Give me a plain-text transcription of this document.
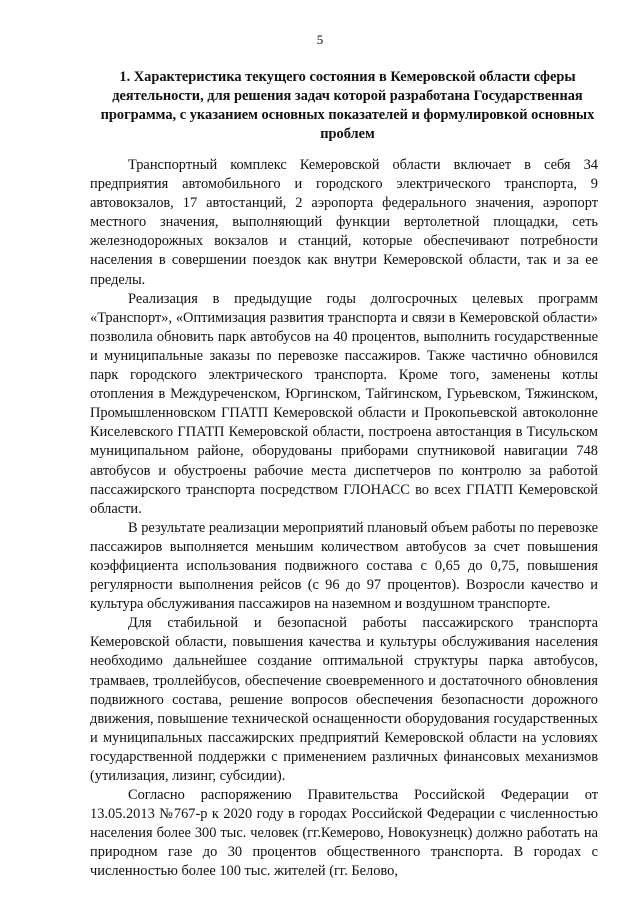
5
1. Характеристика текущего состояния в Кемеровской области сферы деятельности, для решения задач которой разработана Государственная программа, с указанием основных показателей и формулировкой основных проблем

Транспортный комплекс Кемеровской области включает в себя 34 предприятия автомобильного и городского электрического транспорта, 9 автовокзалов, 17 автостанций, 2 аэропорта федерального значения, аэропорт местного значения, выполняющий функции вертолетной площадки, сеть железнодорожных вокзалов и станций, которые обеспечивают потребности населения в совершении поездок как внутри Кемеровской области, так и за ее пределы.

Реализация в предыдущие годы долгосрочных целевых программ «Транспорт», «Оптимизация развития транспорта и связи в Кемеровской области» позволила обновить парк автобусов на 40 процентов, выполнить государственные и муниципальные заказы по перевозке пассажиров. Также частично обновился парк городского электрического транспорта. Кроме того, заменены котлы отопления в Междуреченском, Юргинском, Тайгинском, Гурьевском, Тяжинском, Промышленновском ГПАТП Кемеровской области и Прокопьевской автоколонне Киселевского ГПАТП Кемеровской области, построена автостанция в Тисульском муниципальном районе, оборудованы приборами спутниковой навигации 748 автобусов и обустроены рабочие места диспетчеров по контролю за работой пассажирского транспорта посредством ГЛОНАСС во всех ГПАТП Кемеровской области.

В результате реализации мероприятий плановый объем работы по перевозке пассажиров выполняется меньшим количеством автобусов за счет повышения коэффициента использования подвижного состава с 0,65 до 0,75, повышения регулярности выполнения рейсов (с 96 до 97 процентов). Возросли качество и культура обслуживания пассажиров на наземном и воздушном транспорте.

Для стабильной и безопасной работы пассажирского транспорта Кемеровской области, повышения качества и культуры обслуживания населения необходимо дальнейшее создание оптимальной структуры парка автобусов, трамваев, троллейбусов, обеспечение своевременного и достаточного обновления подвижного состава, решение вопросов обеспечения безопасности дорожного движения, повышение технической оснащенности оборудования государственных и муниципальных пассажирских предприятий Кемеровской области на условиях государственной поддержки с применением различных финансовых механизмов (утилизация, лизинг, субсидии).

Согласно распоряжению Правительства Российской Федерации от 13.05.2013 №767-р к 2020 году в городах Российской Федерации с численностью населения более 300 тыс. человек (гг.Кемерово, Новокузнецк) должно работать на природном газе до 30 процентов общественного транспорта. В городах с численностью более 100 тыс. жителей (гг. Белово,
